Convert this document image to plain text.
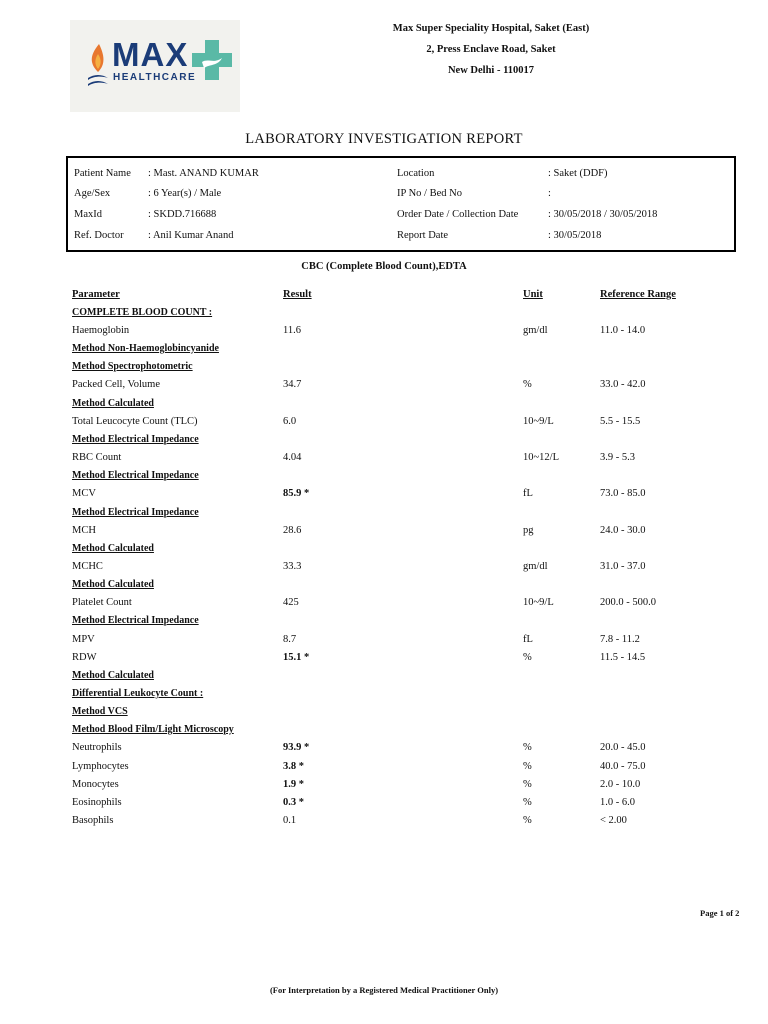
MAX
HEALTHCARE
Max Super Speciality Hospital, Saket (East)
2, Press Enclave Road, Saket
New Delhi - 110017
LABORATORY INVESTIGATION REPORT
Patient Name : Mast. ANAND KUMAR
Age/Sex	: 6 Year(s) / Male
MaxId	: SKDD.716688
Ref. Doctor : Anil Kumar Anand
Location	: Saket (DDF)
IP No / Bed No	:
Order Date / Collection Date	: 30/05/2018 / 30/05/2018
Report Date	: 30/05/2018
CBC (Complete Blood Count),EDTA
Parameter	Result	Unit	Reference Range
COMPLETE BLOOD COUNT :
Haemoglobin	11.6	gm/dl	11.0 - 14.0
Method Non-Haemoglobincyanide
Method Spectrophotometric
Packed Cell, Volume	34.7	%	33.0 - 42.0
Method Calculated
Total Leucocyte Count (TLC)	6.0	10~9/L	5.5 - 15.5
Method Electrical Impedance
RBC Count	4.04	10~12/L	3.9 - 5.3
Method Electrical Impedance
MCV	85.9 *	fL	73.0 - 85.0
Method Electrical Impedance
MCH	28.6	pg	24.0 - 30.0
Method Calculated
MCHC	33.3	gm/dl	31.0 - 37.0
Method Calculated
Platelet Count	425	10~9/L	200.0 - 500.0
Method Electrical Impedance
MPV	8.7	fL	7.8 - 11.2
RDW	15.1 *	%	11.5 - 14.5
Method Calculated
Differential Leukocyte Count :
Method VCS
Method Blood Film/Light Microscopy
Neutrophils	93.9 *	%	20.0 - 45.0
Lymphocytes	3.8 *	%	40.0 - 75.0
Monocytes	1.9 *	%	2.0 - 10.0
Eosinophils	0.3 *	%	1.0 - 6.0
Basophils	0.1	%	< 2.00
Page 1 of 2
(For Interpretation by a Registered Medical Practitioner Only)
